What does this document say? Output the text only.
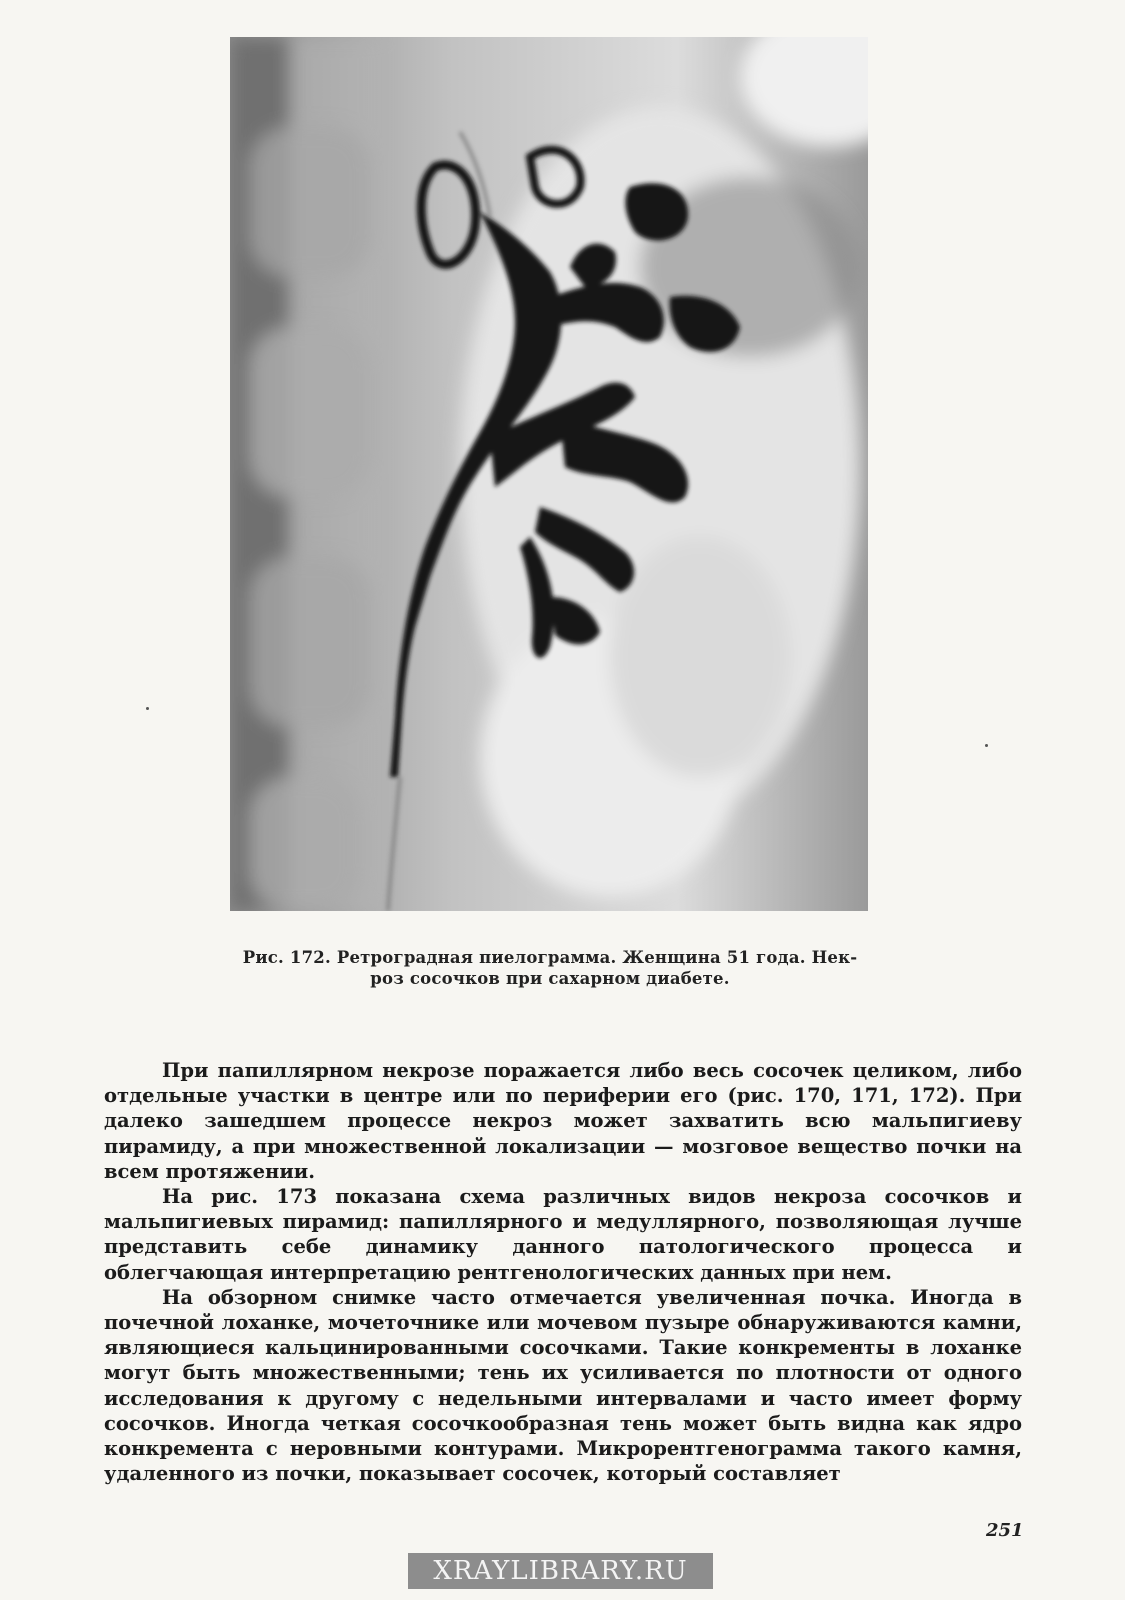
Рис. 172. Ретроградная пиелограмма. Женщина 51 года. Нек-
роз сосочков при сахарном диабете.

При папиллярном некрозе поражается либо весь сосочек целиком, либо отдельные участки в центре или по периферии его (рис. 170, 171, 172). При далеко зашедшем процессе некроз может захватить всю мальпигиеву пирамиду, а при множественной локализации — мозговое вещество почки на всем протяжении.

На рис. 173 показана схема различных видов некроза сосочков и мальпигиевых пирамид: папиллярного и медуллярного, позволяющая лучше представить себе динамику данного патологического процесса и облегчающая интерпретацию рентгенологических данных при нем.

На обзорном снимке часто отмечается увеличенная почка. Иногда в почечной лоханке, мочеточнике или мочевом пузыре обнаруживаются камни, являющиеся кальцинированными сосочками. Такие конкременты в лоханке могут быть множественными; тень их усиливается по плотности от одного исследования к другому с недельными интервалами и часто имеет форму сосочков. Иногда четкая сосочкообразная тень может быть видна как ядро конкремента с неровными контурами. Микрорентгенограмма такого камня, удаленного из почки, показывает сосочек, который составляет

251
XRAYLIBRARY.RU
